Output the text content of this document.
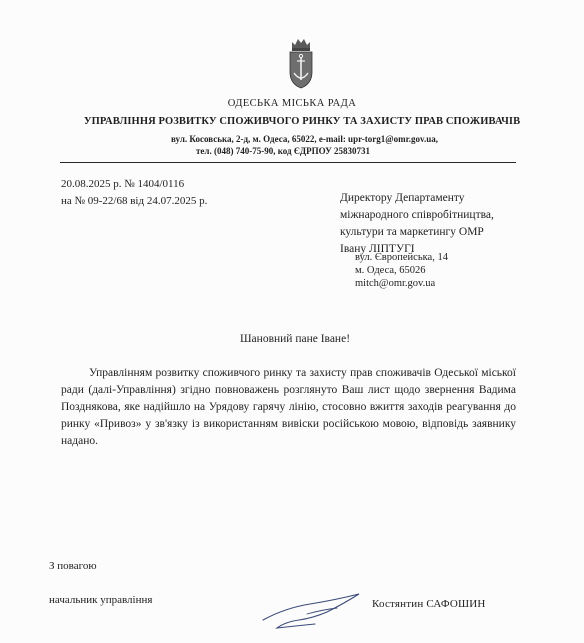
ОДЕСЬКА МІСЬКА РАДА
УПРАВЛІННЯ РОЗВИТКУ СПОЖИВЧОГО РИНКУ ТА ЗАХИСТУ ПРАВ СПОЖИВАЧІВ
вул. Косовська, 2-д, м. Одеса, 65022, e-mail: upr-torg1@omr.gov.ua,
тел. (048) 740-75-90, код ЄДРПОУ 25830731
20.08.2025 р. № 1404/0116
на № 09-22/68 від 24.07.2025 р.	Директору Департаменту
міжнародного співробітництва,
культури та маркетингу ОМР
Івану ЛІПТУГІ
вул. Європейська, 14
м. Одеса, 65026
mitch@omr.gov.ua
Шановний пане Іване!
Управлінням розвитку споживчого ринку та захисту прав споживачів Одеської міської ради (далі-Управління) згідно повноважень розглянуто Ваш лист щодо звернення Вадима Позднякова, яке надійшло на Урядову гарячу лінію, стосовно вжиття заходів реагування до ринку «Привоз» у зв'язку із використанням вивіски російською мовою, відповідь заявнику надано.
З повагою
начальник управління	Костянтин САФОШИН
